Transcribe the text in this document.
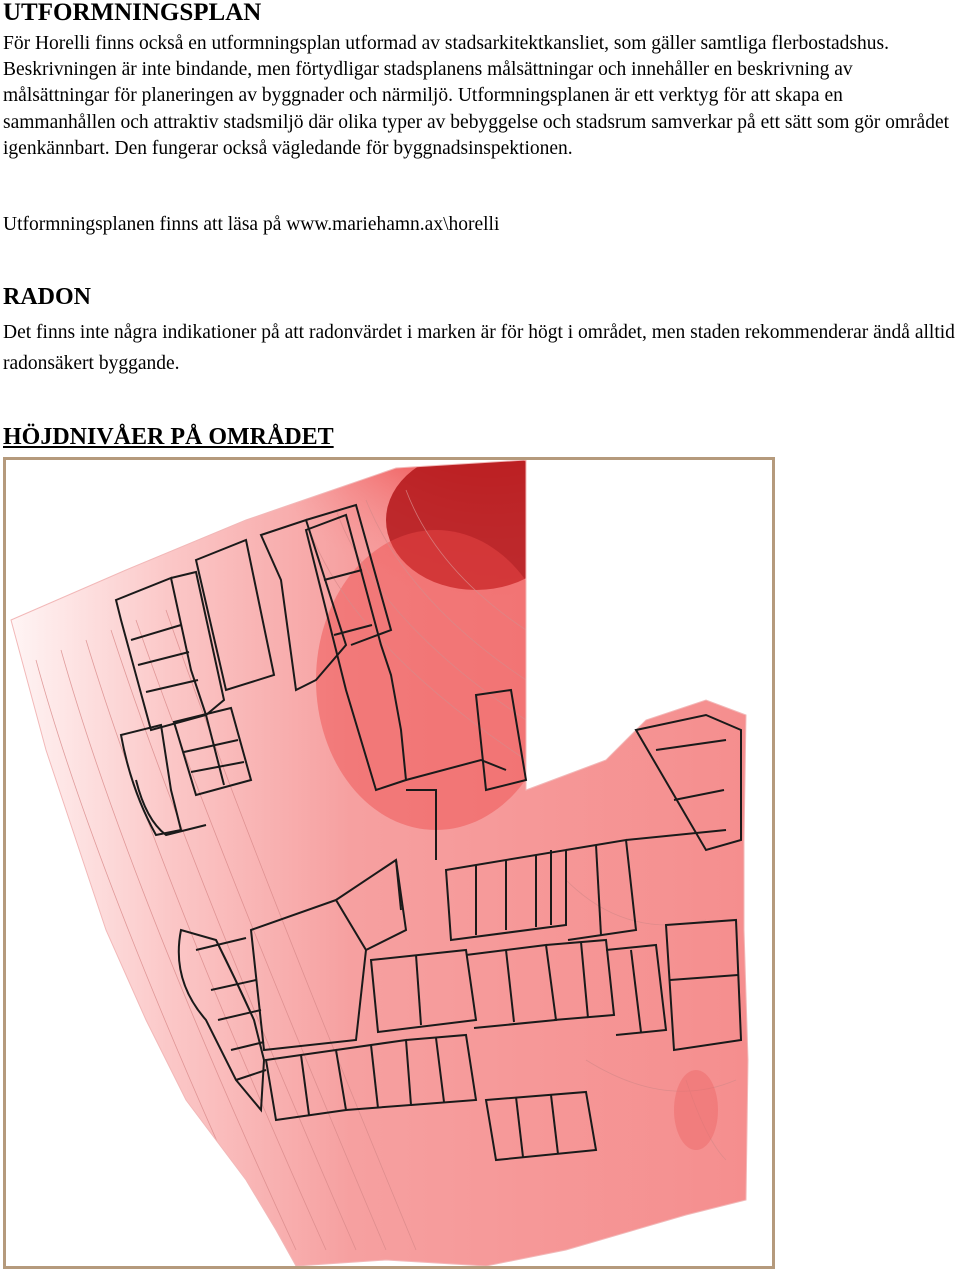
UTFORMNINGSPLAN

För Horelli finns också en utformningsplan utformad av stadsarkitektkansliet, som gäller samtliga flerbostadshus. Beskrivningen är inte bindande, men förtydligar stadsplanens målsättningar och innehåller en beskrivning av målsättningar för planeringen av byggnader och närmiljö. Utformningsplanen är ett verktyg för att skapa en sammanhållen och attraktiv stadsmiljö där olika typer av bebyggelse och stadsrum samverkar på ett sätt som gör området igenkännbart. Den fungerar också vägledande för byggnadsinspektionen.

Utformningsplanen finns att läsa på www.mariehamn.ax\horelli

RADON

Det finns inte några indikationer på att radonvärdet i marken är för högt i området, men staden rekommenderar ändå alltid radonsäkert byggande.

HÖJDNIVÅER PÅ OMRÅDET
